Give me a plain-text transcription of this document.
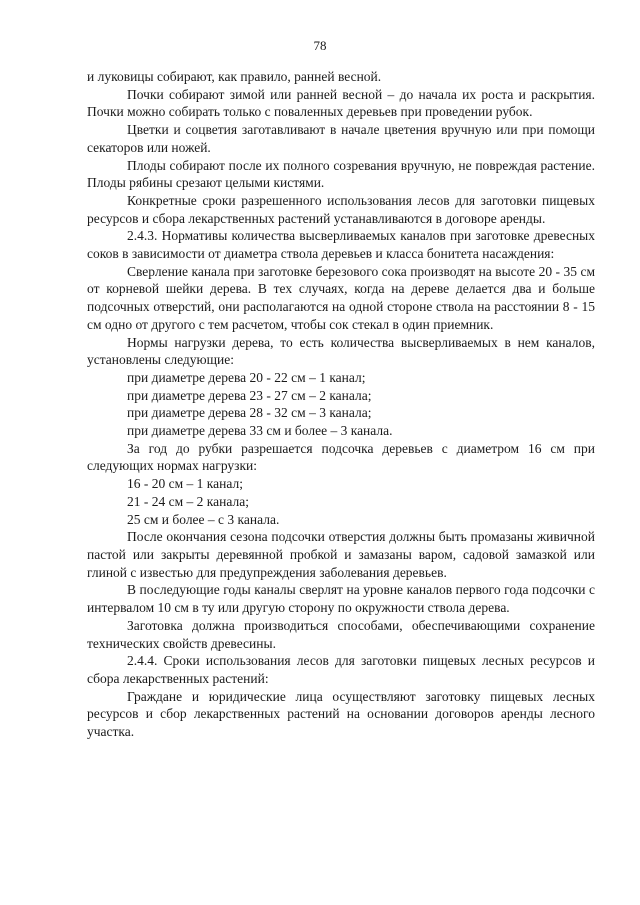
78

и луковицы собирают, как правило, ранней весной.

Почки собирают зимой или ранней весной – до начала их роста и раскрытия. Почки можно собирать только с поваленных деревьев при проведении рубок.

Цветки и соцветия заготавливают в начале цветения вручную или при помощи секаторов или ножей.

Плоды собирают после их полного созревания вручную, не повреждая растение. Плоды рябины срезают целыми кистями.

Конкретные сроки разрешенного использования лесов для заготовки пищевых ресурсов и сбора лекарственных растений устанавливаются в договоре аренды.

2.4.3. Нормативы количества высверливаемых каналов при заготовке древесных соков в зависимости от диаметра ствола деревьев и класса бонитета насаждения:

Сверление канала при заготовке березового сока производят на высоте 20 - 35 см от корневой шейки дерева. В тех случаях, когда на дереве делается два и больше подсочных отверстий, они располагаются на одной стороне ствола на расстоянии 8 - 15 см одно от другого с тем расчетом, чтобы сок стекал в один приемник.

Нормы нагрузки дерева, то есть количества высверливаемых в нем каналов, установлены следующие:

при диаметре дерева 20 - 22 см – 1 канал;

при диаметре дерева 23 - 27 см – 2 канала;

при диаметре дерева 28 - 32 см – 3 канала;

при диаметре дерева 33 см и более – 3 канала.

За год до рубки разрешается подсочка деревьев с диаметром 16 см при следующих нормах нагрузки:

16 - 20 см – 1 канал;

21 - 24 см – 2 канала;

25 см и более – с 3 канала.

После окончания сезона подсочки отверстия должны быть промазаны живичной пастой или закрыты деревянной пробкой и замазаны варом, садовой замазкой или глиной с известью для предупреждения заболевания деревьев.

В последующие годы каналы сверлят на уровне каналов первого года подсочки с интервалом 10 см в ту или другую сторону по окружности ствола дерева.

Заготовка должна производиться способами, обеспечивающими сохранение технических свойств древесины.

2.4.4. Сроки использования лесов для заготовки пищевых лесных ресурсов и сбора лекарственных растений:

Граждане и юридические лица осуществляют заготовку пищевых лесных ресурсов и сбор лекарственных растений на основании договоров аренды лесного участка.
